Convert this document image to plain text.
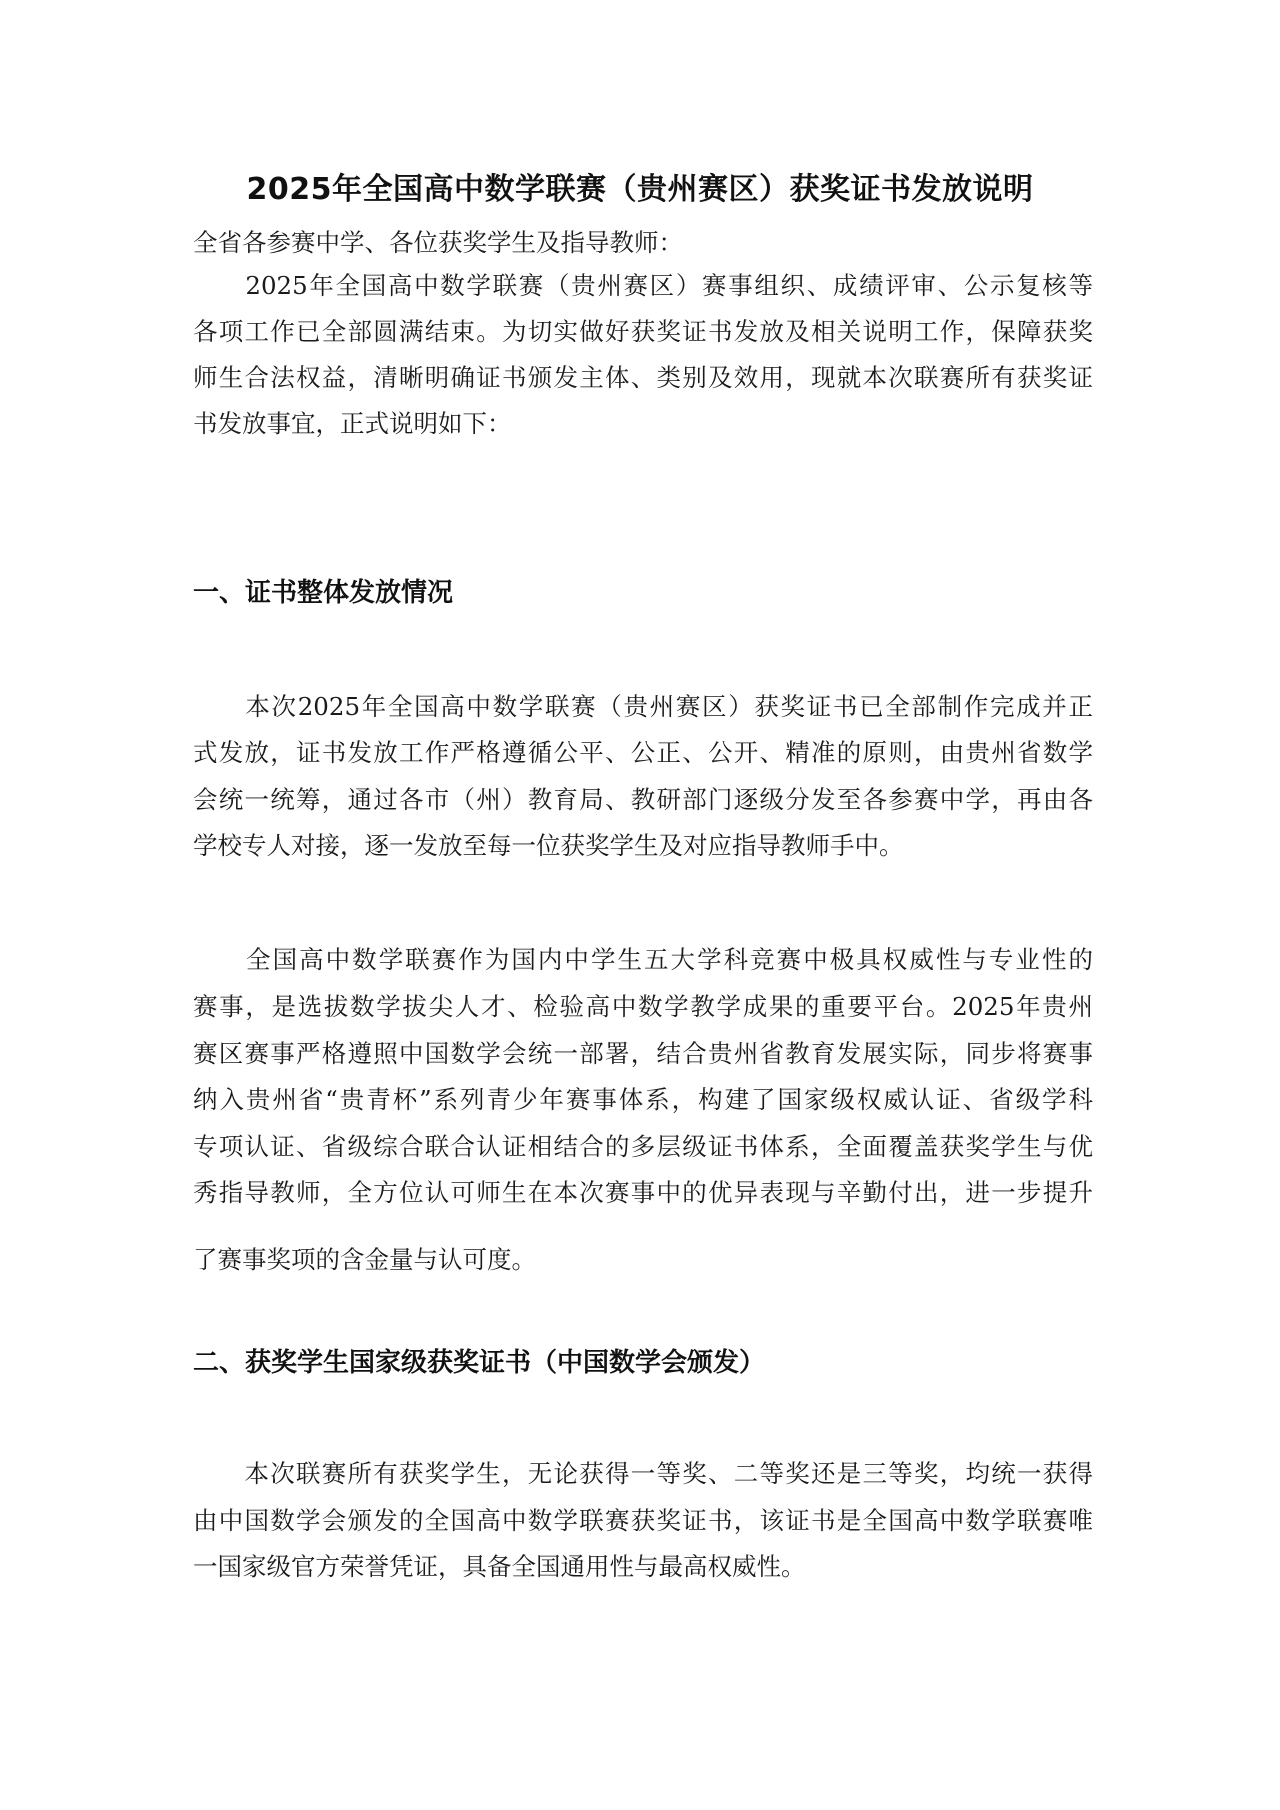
2025年全国高中数学联赛（贵州赛区）获奖证书发放说明
全省各参赛中学、各位获奖学生及指导教师：
　　2025年全国高中数学联赛（贵州赛区）赛事组织、成绩评审、公示复核等
各项工作已全部圆满结束。为切实做好获奖证书发放及相关说明工作，保障获奖
师生合法权益，清晰明确证书颁发主体、类别及效用，现就本次联赛所有获奖证
书发放事宜，正式说明如下：
一、证书整体发放情况
　　本次2025年全国高中数学联赛（贵州赛区）获奖证书已全部制作完成并正
式发放，证书发放工作严格遵循公平、公正、公开、精准的原则，由贵州省数学
会统一统筹，通过各市（州）教育局、教研部门逐级分发至各参赛中学，再由各
学校专人对接，逐一发放至每一位获奖学生及对应指导教师手中。
　　全国高中数学联赛作为国内中学生五大学科竞赛中极具权威性与专业性的
赛事，是选拔数学拔尖人才、检验高中数学教学成果的重要平台。2025年贵州
赛区赛事严格遵照中国数学会统一部署，结合贵州省教育发展实际，同步将赛事
纳入贵州省“贵青杯”系列青少年赛事体系，构建了国家级权威认证、省级学科
专项认证、省级综合联合认证相结合的多层级证书体系，全面覆盖获奖学生与优
秀指导教师，全方位认可师生在本次赛事中的优异表现与辛勤付出，进一步提升
了赛事奖项的含金量与认可度。
二、获奖学生国家级获奖证书（中国数学会颁发）
　　本次联赛所有获奖学生，无论获得一等奖、二等奖还是三等奖，均统一获得
由中国数学会颁发的全国高中数学联赛获奖证书，该证书是全国高中数学联赛唯
一国家级官方荣誉凭证，具备全国通用性与最高权威性。
